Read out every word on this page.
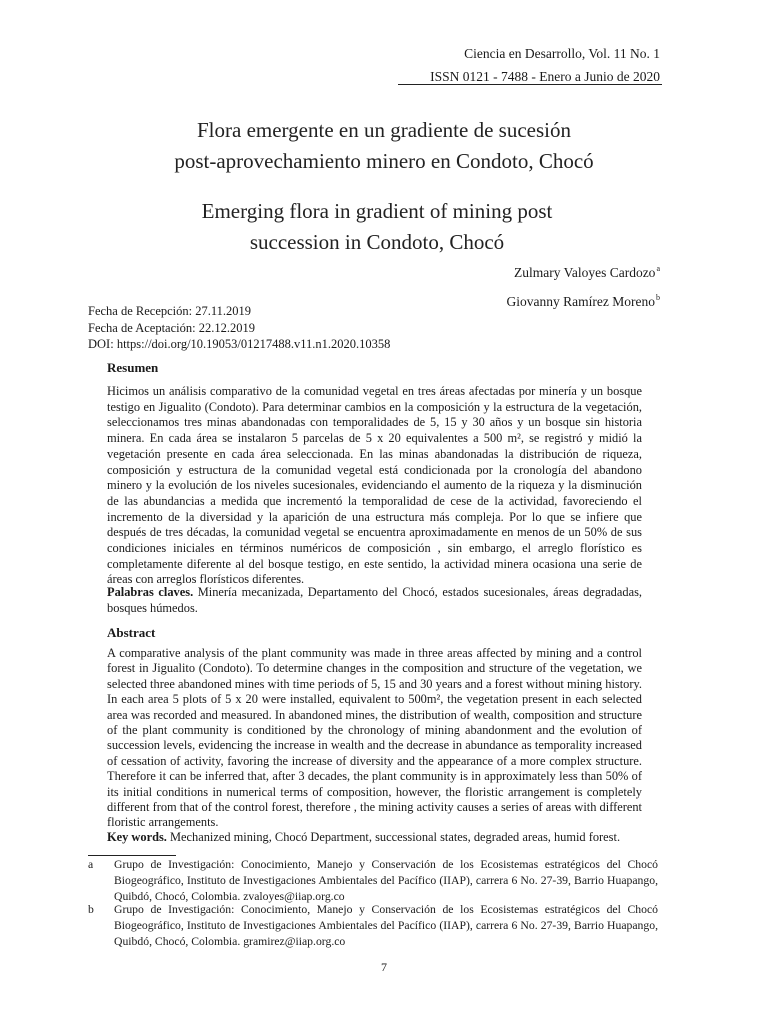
Ciencia en Desarrollo, Vol. 11 No. 1
ISSN 0121 - 7488 - Enero a Junio de 2020
Flora emergente en un gradiente de sucesión
post-aprovechamiento minero en Condoto, Chocó
Emerging flora in gradient of mining post
succession in Condoto, Chocó
Zulmary Valoyes Cardozo$^a$
Giovanny Ramírez Moreno$^b$
Fecha de Recepción: 27.11.2019
Fecha de Aceptación: 22.12.2019
DOI: https://doi.org/10.19053/01217488.v11.n1.2020.10358
Resumen
Hicimos un análisis comparativo de la comunidad vegetal en tres áreas afectadas por minería y un bosque testigo en Jigualito (Condoto). Para determinar cambios en la composición y la estructura de la vegetación, seleccionamos tres minas abandonadas con temporalidades de 5, 15 y 30 años y un bosque sin historia minera. En cada área se instalaron 5 parcelas de 5 x 20 equivalentes a 500 m², se registró y midió la vegetación presente en cada área seleccionada. En las minas abandonadas la distribución de riqueza, composición y estructura de la comunidad vegetal está condicionada por la cronología del abandono minero y la evolución de los niveles sucesionales, evidenciando el aumento de la riqueza y la disminución de las abundancias a medida que incrementó la temporalidad de cese de la actividad, favoreciendo el incremento de la diversidad y la aparición de una estructura más compleja. Por lo que se infiere que después de tres décadas, la comunidad vegetal se encuentra aproximadamente en menos de un 50% de sus condiciones iniciales en términos numéricos de composición , sin embargo, el arreglo florístico es completamente diferente al del bosque testigo, en este sentido, la actividad minera ocasiona una serie de áreas con arreglos florísticos diferentes.
Palabras claves. Minería mecanizada, Departamento del Chocó, estados sucesionales, áreas degradadas, bosques húmedos.
Abstract
A comparative analysis of the plant community was made in three areas affected by mining and a control forest in Jigualito (Condoto). To determine changes in the composition and structure of the vegetation, we selected three abandoned mines with time periods of 5, 15 and 30 years and a forest without mining history. In each area 5 plots of 5 x 20 were installed, equivalent to 500m², the vegetation present in each selected area was recorded and measured. In abandoned mines, the distribution of wealth, composition and structure of the plant community is conditioned by the chronology of mining abandonment and the evolution of succession levels, evidencing the increase in wealth and the decrease in abundance as temporality increased of cessation of activity, favoring the increase of diversity and the appearance of a more complex structure. Therefore it can be inferred that, after 3 decades, the plant community is in approximately less than 50% of its initial conditions in numerical terms of composition, however, the floristic arrangement is completely different from that of the control forest, therefore , the mining activity causes a series of areas with different floristic arrangements.
Key words. Mechanized mining, Chocó Department, successional states, degraded areas, humid forest.
a Grupo de Investigación: Conocimiento, Manejo y Conservación de los Ecosistemas estratégicos del Chocó Biogeográfico, Instituto de Investigaciones Ambientales del Pacífico (IIAP), carrera 6 No. 27-39, Barrio Huapango, Quibdó, Chocó, Colombia. zvaloyes@iiap.org.co
b Grupo de Investigación: Conocimiento, Manejo y Conservación de los Ecosistemas estratégicos del Chocó Biogeográfico, Instituto de Investigaciones Ambientales del Pacífico (IIAP), carrera 6 No. 27-39, Barrio Huapango, Quibdó, Chocó, Colombia. gramirez@iiap.org.co
7
